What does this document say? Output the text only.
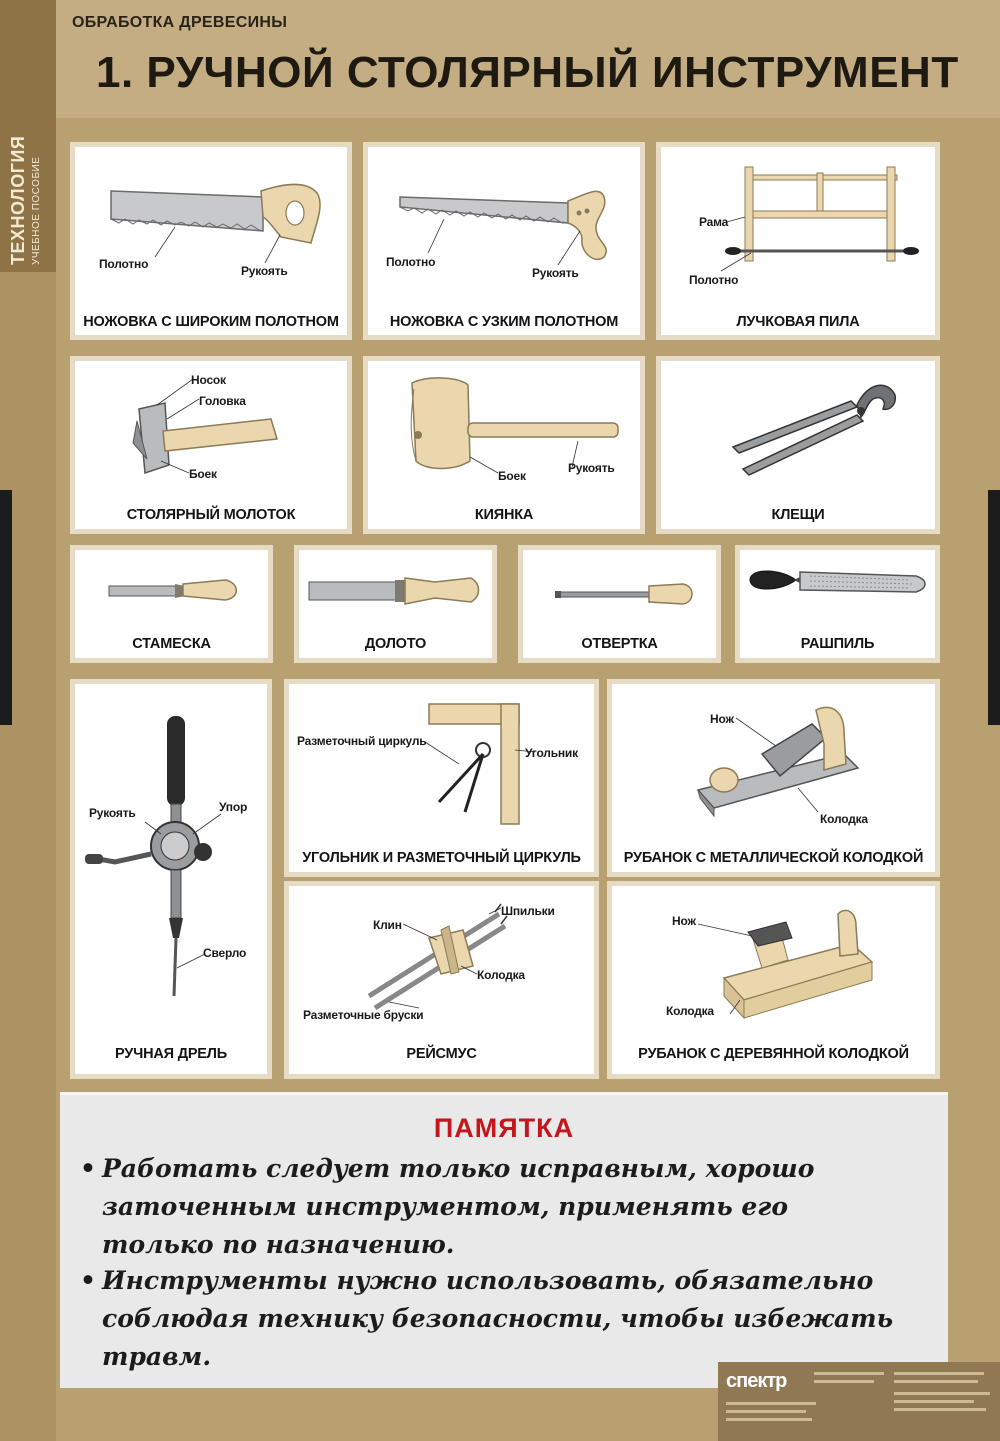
ТЕХНОЛОГИЯ УЧЕБНОЕ ПОСОБИЕ
ОБРАБОТКА ДРЕВЕСИНЫ
1. РУЧНОЙ СТОЛЯРНЫЙ ИНСТРУМЕНТ
Полотно	Рукоять
НОЖОВКА С ШИРОКИМ ПОЛОТНОМ
Полотно
Рукоять
НОЖОВКА С УЗКИМ ПОЛОТНОМ
Рама
Полотно
ЛУЧКОВАЯ ПИЛА
Носок
Головка
Боек
СТОЛЯРНЫЙ МОЛОТОК
Боек
Рукоять
КИЯНКА	КЛЕЩИ
СТАМЕСКА	ДОЛОТО	ОТВЕРТКА	РАШПИЛЬ
Рукоять	Упор
Сверло
РУЧНАЯ ДРЕЛЬ
Разметочный циркуль
Угольник
УГОЛЬНИК И РАЗМЕТОЧНЫЙ ЦИРКУЛЬ
Нож
Колодка
РУБАНОК С МЕТАЛЛИЧЕСКОЙ КОЛОДКОЙ
Клин
Шпильки
Колодка
Разметочные бруски
РЕЙСМУС
Нож
Колодка
РУБАНОК С ДЕРЕВЯННОЙ КОЛОДКОЙ
ПАМЯТКА
• Работать следует только исправным, хорошо
заточенным инструментом, применять его
только по назначению.
• Инструменты нужно использовать, обязательно
соблюдая технику безопасности, чтобы избежать
травм.
спектр
